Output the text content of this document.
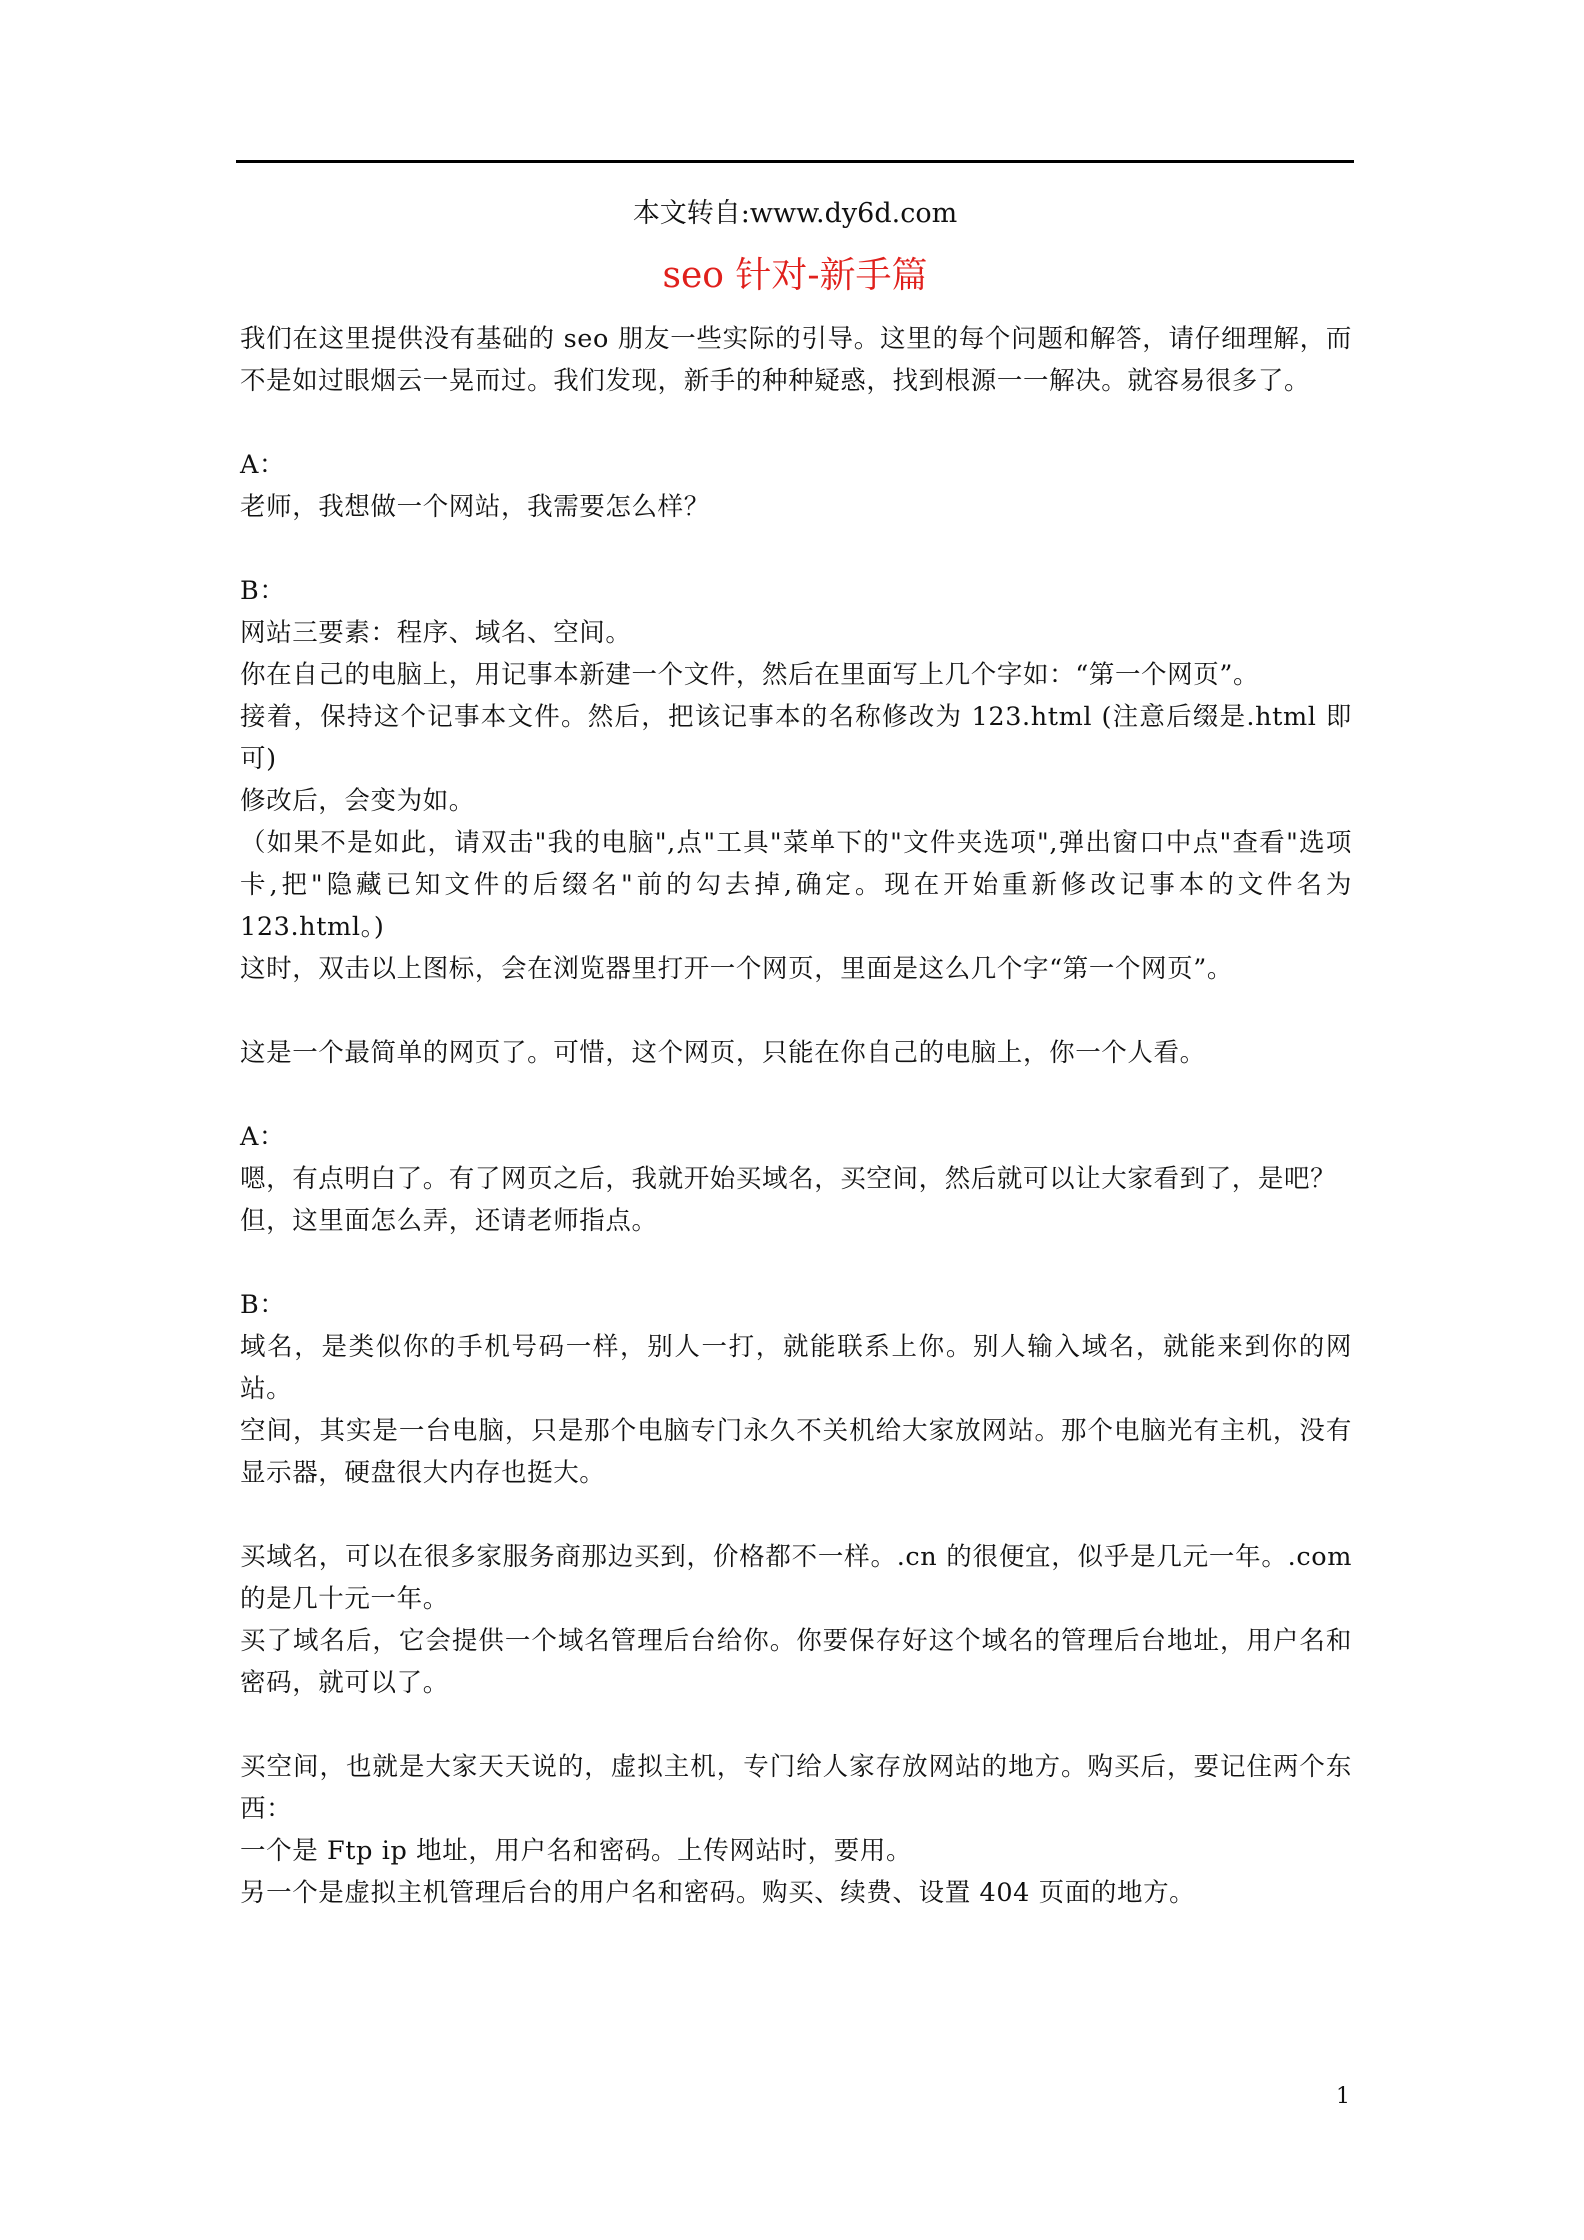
本文转自:www.dy6d.com
seo 针对-新手篇

我们在这里提供没有基础的 seo 朋友一些实际的引导。这里的每个问题和解答，请仔细理解，而不是如过眼烟云一晃而过。我们发现，新手的种种疑惑，找到根源一一解决。就容易很多了。

A：

老师，我想做一个网站，我需要怎么样？

B：

网站三要素：程序、域名、空间。

你在自己的电脑上，用记事本新建一个文件，然后在里面写上几个字如：“第一个网页”。

接着，保持这个记事本文件。然后，把该记事本的名称修改为 123.html (注意后缀是.html 即可)

修改后，会变为如。

（如果不是如此，请双击"我的电脑",点"工具"菜单下的"文件夹选项",弹出窗口中点"查看"选项卡,把"隐藏已知文件的后缀名"前的勾去掉,确定。现在开始重新修改记事本的文件名为 123.html。)

这时，双击以上图标，会在浏览器里打开一个网页，里面是这么几个字“第一个网页”。

这是一个最简单的网页了。可惜，这个网页，只能在你自己的电脑上，你一个人看。

A：

嗯，有点明白了。有了网页之后，我就开始买域名，买空间，然后就可以让大家看到了，是吧？

但，这里面怎么弄，还请老师指点。

B：

域名，是类似你的手机号码一样，别人一打，就能联系上你。别人输入域名，就能来到你的网站。

空间，其实是一台电脑，只是那个电脑专门永久不关机给大家放网站。那个电脑光有主机，没有显示器，硬盘很大内存也挺大。

买域名，可以在很多家服务商那边买到，价格都不一样。.cn 的很便宜，似乎是几元一年。.com 的是几十元一年。

买了域名后，它会提供一个域名管理后台给你。你要保存好这个域名的管理后台地址，用户名和密码，就可以了。

买空间，也就是大家天天说的，虚拟主机，专门给人家存放网站的地方。购买后，要记住两个东西：

一个是 Ftp ip 地址，用户名和密码。上传网站时，要用。

另一个是虚拟主机管理后台的用户名和密码。购买、续费、设置 404 页面的地方。

1
